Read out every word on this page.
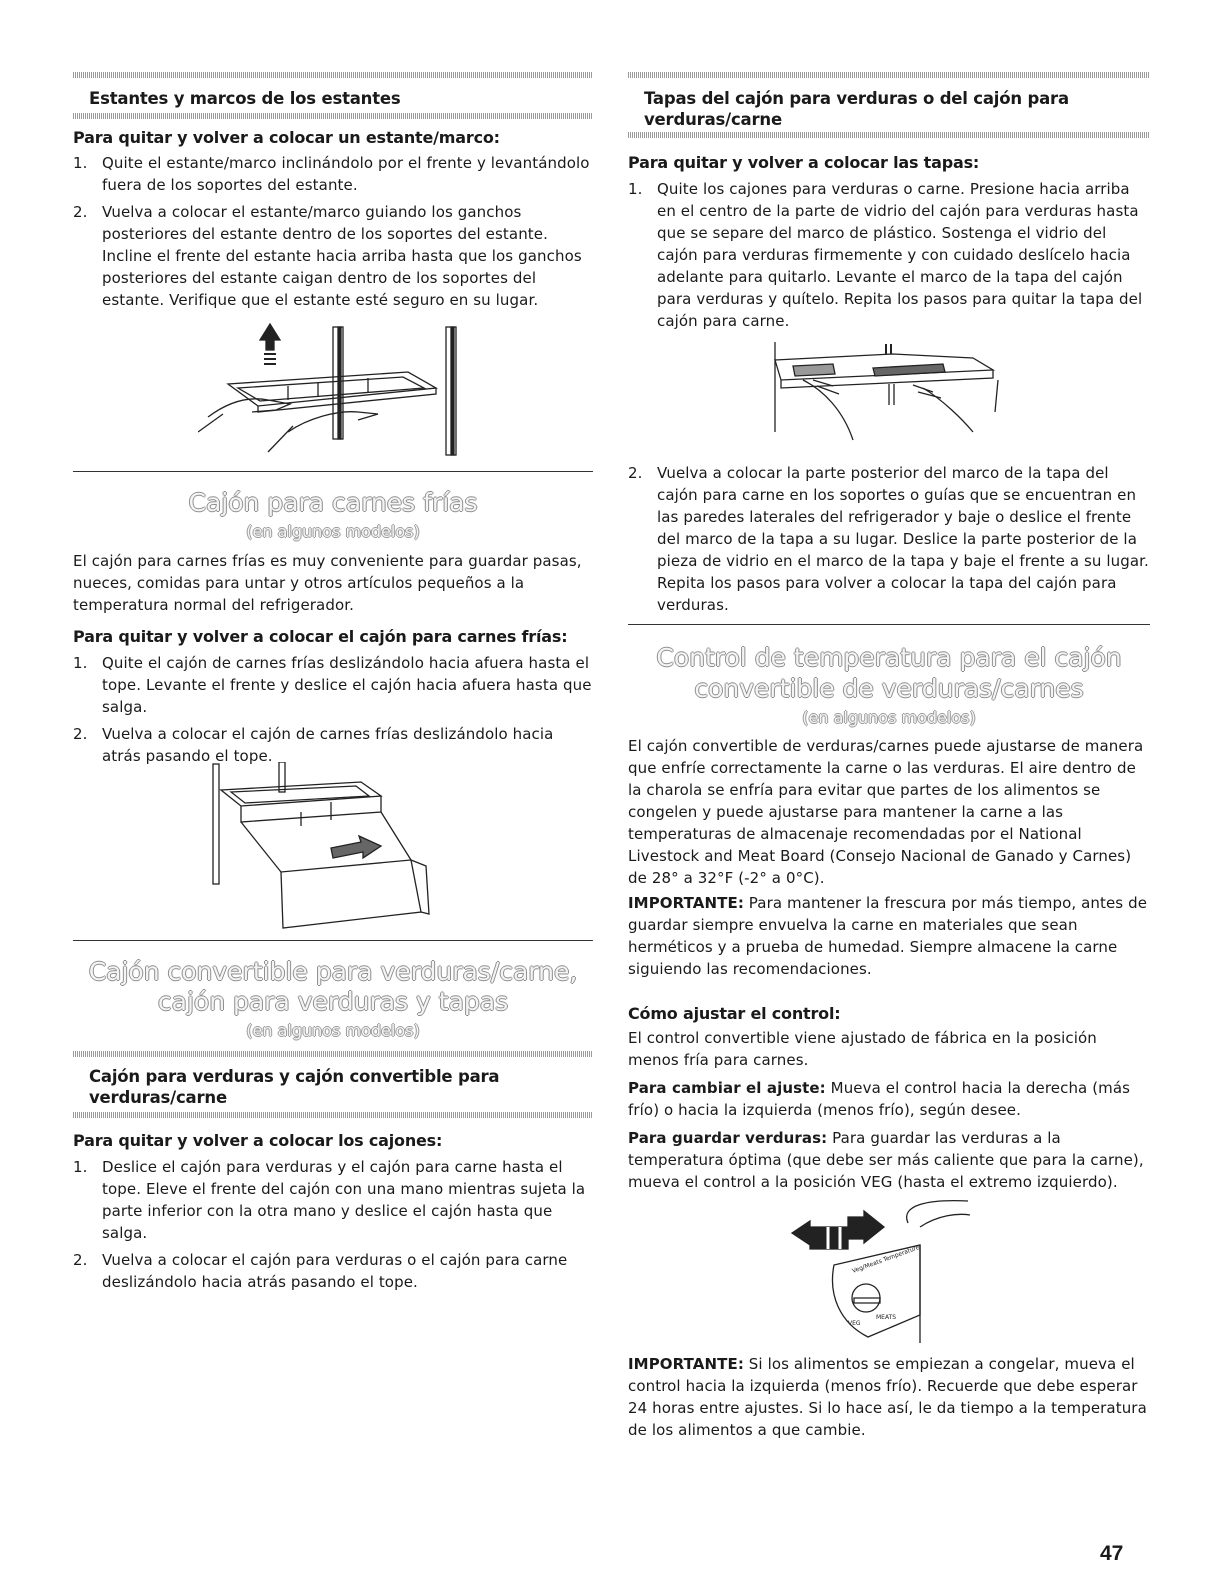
Estantes y marcos de los estantes
Para quitar y volver a colocar un estante/marco:
1. Quite el estante/marco inclinándolo por el frente y levantándolo fuera de los soportes del estante.
2. Vuelva a colocar el estante/marco guiando los ganchos posteriores del estante dentro de los soportes del estante. Incline el frente del estante hacia arriba hasta que los ganchos posteriores del estante caigan dentro de los soportes del estante. Verifique que el estante esté seguro en su lugar.
Cajón para carnes frías
(en algunos modelos)

El cajón para carnes frías es muy conveniente para guardar pasas, nueces, comidas para untar y otros artículos pequeños a la temperatura normal del refrigerador.

Para quitar y volver a colocar el cajón para carnes frías:
1. Quite el cajón de carnes frías deslizándolo hacia afuera hasta el tope. Levante el frente y deslice el cajón hacia afuera hasta que salga.
2. Vuelva a colocar el cajón de carnes frías deslizándolo hacia atrás pasando el tope.
Cajón convertible para verduras/carne,
cajón para verduras y tapas
(en algunos modelos)
Cajón para verduras y cajón convertible para verduras/carne
Para quitar y volver a colocar los cajones:
1. Deslice el cajón para verduras y el cajón para carne hasta el tope. Eleve el frente del cajón con una mano mientras sujeta la parte inferior con la otra mano y deslice el cajón hasta que salga.
2. Vuelva a colocar el cajón para verduras o el cajón para carne deslizándolo hacia atrás pasando el tope.
Tapas del cajón para verduras o del cajón para verduras/carne
Para quitar y volver a colocar las tapas:
1. Quite los cajones para verduras o carne. Presione hacia arriba en el centro de la parte de vidrio del cajón para verduras hasta que se separe del marco de plástico. Sostenga el vidrio del cajón para verduras firmemente y con cuidado deslícelo hacia adelante para quitarlo. Levante el marco de la tapa del cajón para verduras y quítelo. Repita los pasos para quitar la tapa del cajón para carne.
2. Vuelva a colocar la parte posterior del marco de la tapa del cajón para carne en los soportes o guías que se encuentran en las paredes laterales del refrigerador y baje o deslice el frente del marco de la tapa a su lugar. Deslice la parte posterior de la pieza de vidrio en el marco de la tapa y baje el frente a su lugar. Repita los pasos para volver a colocar la tapa del cajón para verduras.
Control de temperatura para el cajón
convertible de verduras/carnes
(en algunos modelos)

El cajón convertible de verduras/carnes puede ajustarse de manera que enfríe correctamente la carne o las verduras. El aire dentro de la charola se enfría para evitar que partes de los alimentos se congelen y puede ajustarse para mantener la carne a las temperaturas de almacenaje recomendadas por el National Livestock and Meat Board (Consejo Nacional de Ganado y Carnes) de 28° a 32°F (-2° a 0°C).

IMPORTANTE: Para mantener la frescura por más tiempo, antes de guardar siempre envuelva la carne en materiales que sean herméticos y a prueba de humedad. Siempre almacene la carne siguiendo las recomendaciones.

Cómo ajustar el control:

El control convertible viene ajustado de fábrica en la posición menos fría para carnes.

Para cambiar el ajuste: Mueva el control hacia la derecha (más frío) o hacia la izquierda (menos frío), según desee.

Para guardar verduras: Para guardar las verduras a la temperatura óptima (que debe ser más caliente que para la carne), mueva el control a la posición VEG (hasta el extremo izquierdo).

Veg/Meats Temperature
VEG
MEATS

IMPORTANTE: Si los alimentos se empiezan a congelar, mueva el control hacia la izquierda (menos frío). Recuerde que debe esperar 24 horas entre ajustes. Si lo hace así, le da tiempo a la temperatura de los alimentos a que cambie.

47
